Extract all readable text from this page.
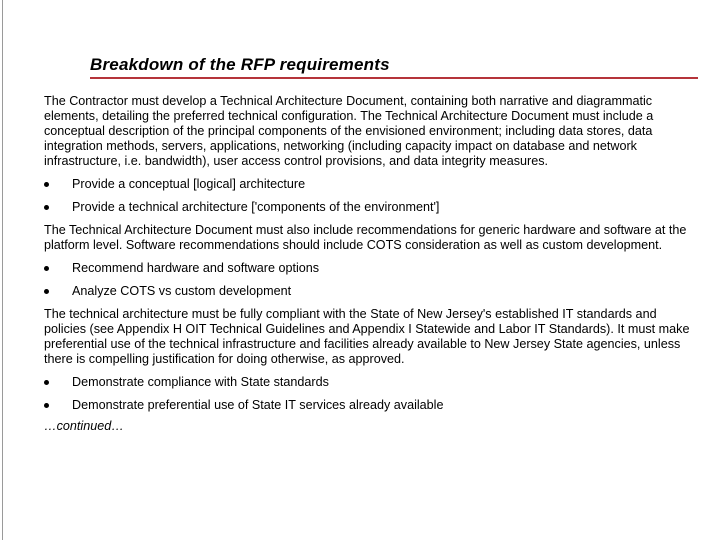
Breakdown of the RFP requirements

The Contractor must develop a Technical Architecture Document, containing both narrative and diagrammatic elements, detailing the preferred technical configuration. The Technical Architecture Document must include a conceptual description of the principal components of the envisioned environment; including data stores, data integration methods, servers, applications, networking (including capacity impact on database and network infrastructure, i.e. bandwidth), user access control provisions, and data integrity measures.

Provide a conceptual [logical] architecture
Provide a technical architecture ['components of the environment']

The Technical Architecture Document must also include recommendations for generic hardware and software at the platform level. Software recommendations should include COTS consideration as well as custom development.

Recommend hardware and software options
Analyze COTS vs custom development

The technical architecture must be fully compliant with the State of New Jersey's established IT standards and policies (see Appendix H OIT Technical Guidelines and Appendix I Statewide and Labor IT Standards). It must make preferential use of the technical infrastructure and facilities already available to New Jersey State agencies, unless there is compelling justification for doing otherwise, as approved.

Demonstrate compliance with State standards
Demonstrate preferential use of State IT services already available

…continued…
